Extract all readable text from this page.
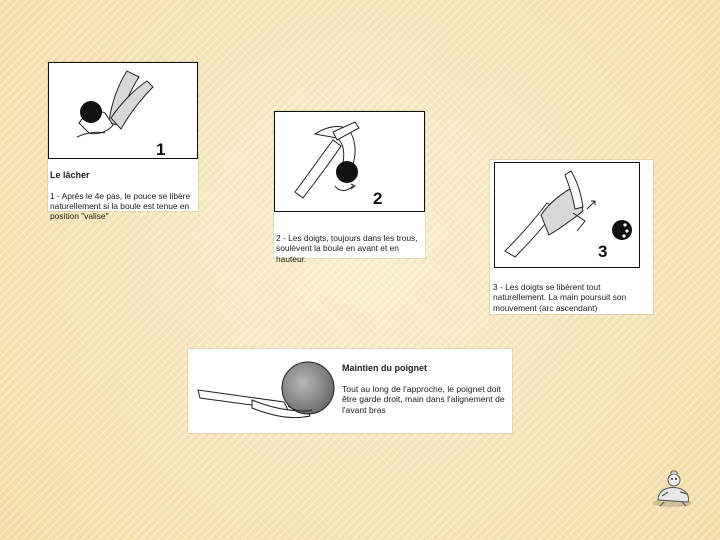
1

Le lâcher

1 - Après le 4e pas, le pouce se libère naturellement si la boule est tenue en position "valise"

2

2 - Les doigts, toujours dans les trous, soulèvent la boule en avant et en hauteur.	3

3 - Les doigts se libèrent tout naturellement. La main poursuit son mouvement (arc ascendant)

Maintien du poignet

Tout au long de l'approche, le poignet doit être garde droit, main dans l'alignement de l'avant bras
